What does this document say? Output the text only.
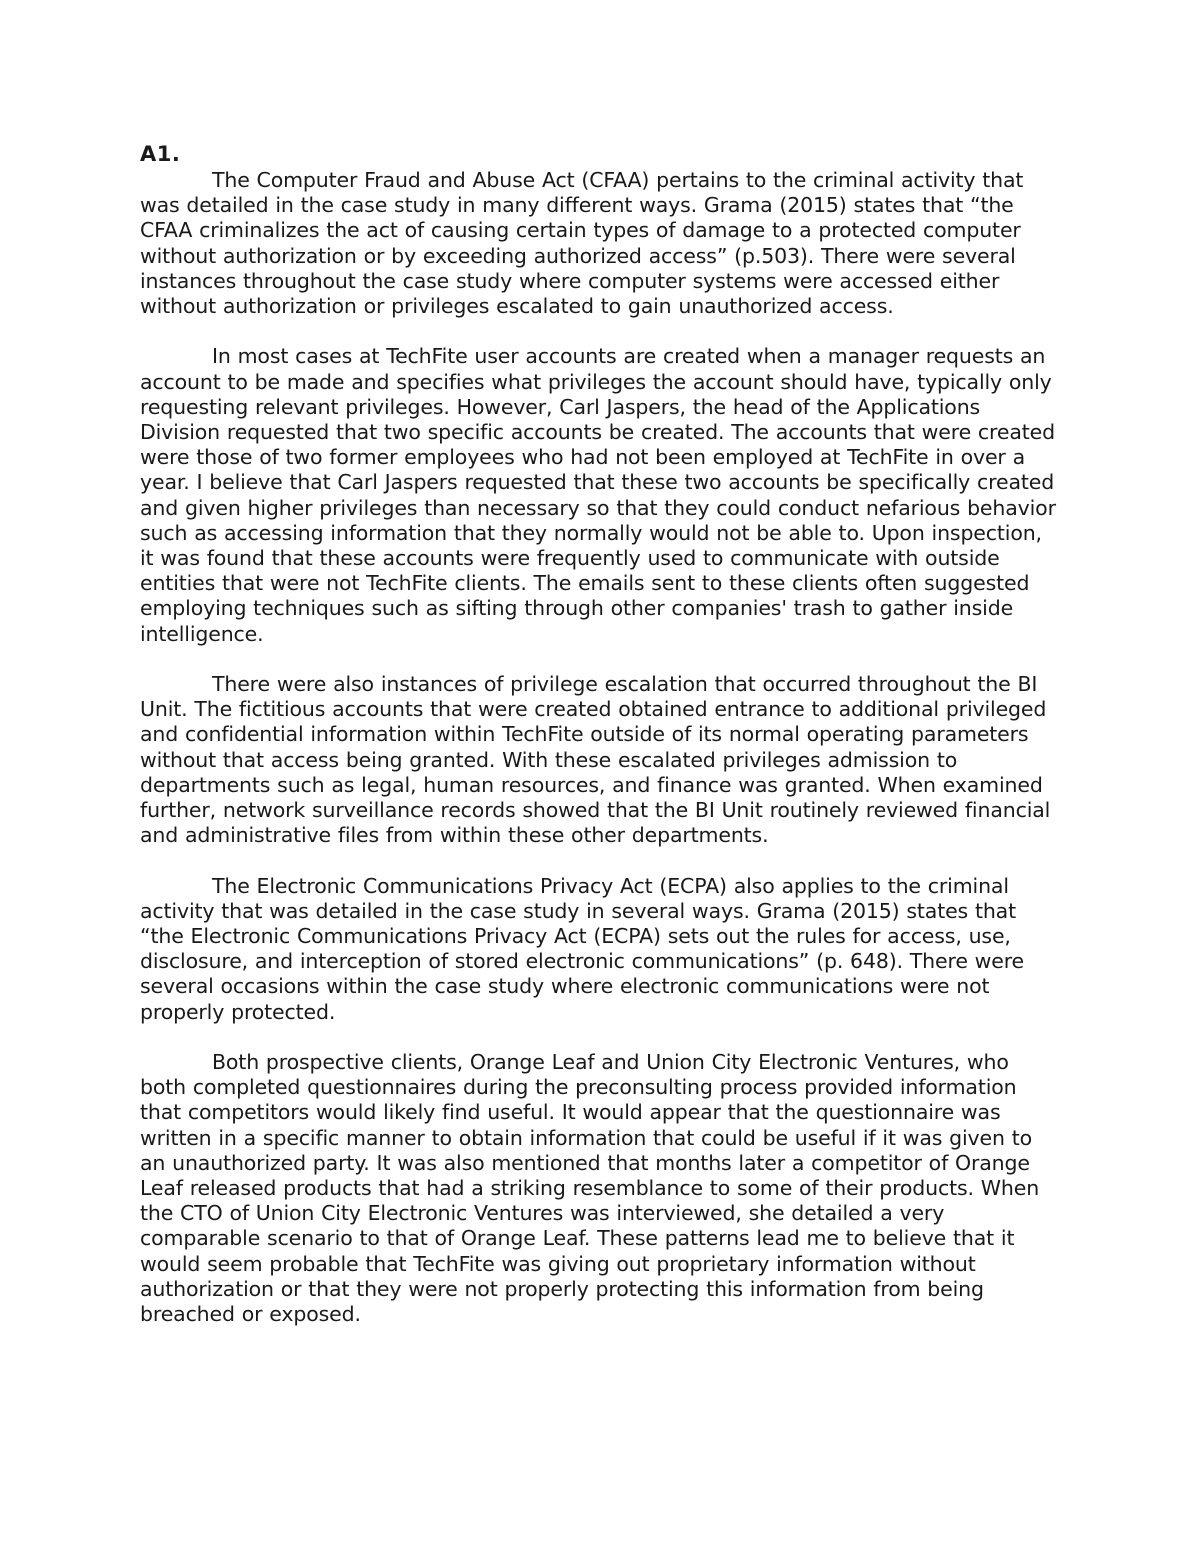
A1.

The Computer Fraud and Abuse Act (CFAA) pertains to the criminal activity that was detailed in the case study in many different ways. Grama (2015) states that “the CFAA criminalizes the act of causing certain types of damage to a protected computer without authorization or by exceeding authorized access” (p.503). There were several instances throughout the case study where computer systems were accessed either without authorization or privileges escalated to gain unauthorized access.

In most cases at TechFite user accounts are created when a manager requests an account to be made and specifies what privileges the account should have, typically only requesting relevant privileges. However, Carl Jaspers, the head of the Applications Division requested that two specific accounts be created. The accounts that were created were those of two former employees who had not been employed at TechFite in over a year. I believe that Carl Jaspers requested that these two accounts be specifically created and given higher privileges than necessary so that they could conduct nefarious behavior such as accessing information that they normally would not be able to. Upon inspection, it was found that these accounts were frequently used to communicate with outside entities that were not TechFite clients. The emails sent to these clients often suggested employing techniques such as sifting through other companies' trash to gather inside intelligence.

There were also instances of privilege escalation that occurred throughout the BI Unit. The fictitious accounts that were created obtained entrance to additional privileged and confidential information within TechFite outside of its normal operating parameters without that access being granted. With these escalated privileges admission to departments such as legal, human resources, and finance was granted. When examined further, network surveillance records showed that the BI Unit routinely reviewed financial and administrative files from within these other departments.

The Electronic Communications Privacy Act (ECPA) also applies to the criminal activity that was detailed in the case study in several ways. Grama (2015) states that “the Electronic Communications Privacy Act (ECPA) sets out the rules for access, use, disclosure, and interception of stored electronic communications” (p. 648). There were several occasions within the case study where electronic communications were not properly protected.

Both prospective clients, Orange Leaf and Union City Electronic Ventures, who both completed questionnaires during the preconsulting process provided information that competitors would likely find useful. It would appear that the questionnaire was written in a specific manner to obtain information that could be useful if it was given to an unauthorized party. It was also mentioned that months later a competitor of Orange Leaf released products that had a striking resemblance to some of their products. When the CTO of Union City Electronic Ventures was interviewed, she detailed a very comparable scenario to that of Orange Leaf. These patterns lead me to believe that it would seem probable that TechFite was giving out proprietary information without authorization or that they were not properly protecting this information from being breached or exposed.
